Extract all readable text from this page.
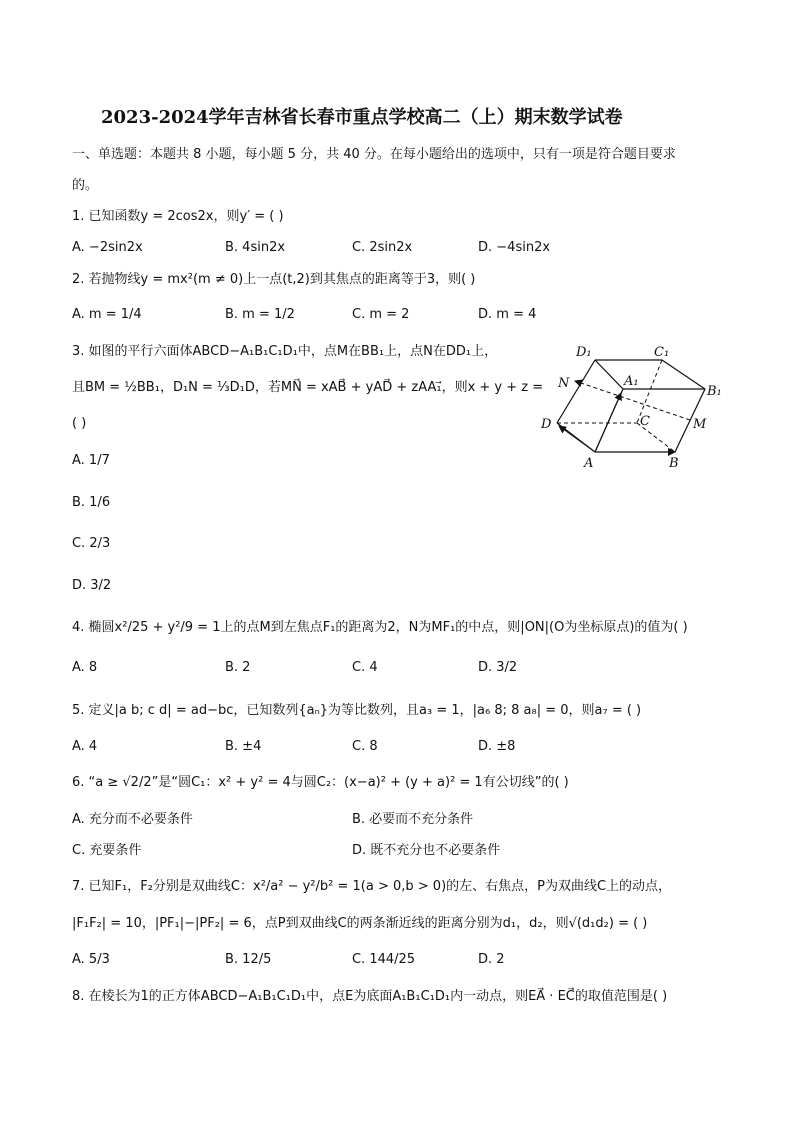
2023-2024学年吉林省长春市重点学校高二（上）期末数学试卷
一、单选题：本题共 8 小题，每小题 5 分，共 40 分。在每小题给出的选项中，只有一项是符合题目要求
的。
1. 已知函数y = 2cos2x，则y′ = ( )
A. −2sin2x	B. 4sin2x	C. 2sin2x	D. −4sin2x
2. 若抛物线y = mx²(m ≠ 0)上一点(t,2)到其焦点的距离等于3，则( )
A. m = 1/4	B. m = 1/2	C. m = 2	D. m = 4
3. 如图的平行六面体ABCD−A₁B₁C₁D₁中，点M在BB₁上，点N在DD₁上，
且BM = ½BB₁，D₁N = ⅓D₁D，若MN⃗ = xAB⃗ + yAD⃗ + zAA₁⃗，则x + y + z =
( )
A. 1/7
B. 1/6
C. 2/3
D. 3/2
D₁	C₁
N	A₁
B₁
D	C	M
A	B
4. 椭圆x²/25 + y²/9 = 1上的点M到左焦点F₁的距离为2，N为MF₁的中点，则|ON|(O为坐标原点)的值为( )
A. 8	B. 2	C. 4	D. 3/2
5. 定义|a b; c d| = ad−bc，已知数列{aₙ}为等比数列，且a₃ = 1，|a₆ 8; 8 a₈| = 0，则a₇ = ( )
A. 4	B. ±4	C. 8	D. ±8
6. “a ≥ √2/2”是“圆C₁：x² + y² = 4与圆C₂：(x−a)² + (y + a)² = 1有公切线”的( )
A. 充分而不必要条件	B. 必要而不充分条件
C. 充要条件	D. 既不充分也不必要条件
7. 已知F₁，F₂分别是双曲线C：x²/a² − y²/b² = 1(a > 0,b > 0)的左、右焦点，P为双曲线C上的动点，
|F₁F₂| = 10，|PF₁|−|PF₂| = 6，点P到双曲线C的两条渐近线的距离分别为d₁，d₂，则√(d₁d₂) = ( )
A. 5/3	B. 12/5	C. 144/25	D. 2
8. 在棱长为1的正方体ABCD−A₁B₁C₁D₁中，点E为底面A₁B₁C₁D₁内一动点，则EA⃗ · EC⃗的取值范围是( )
